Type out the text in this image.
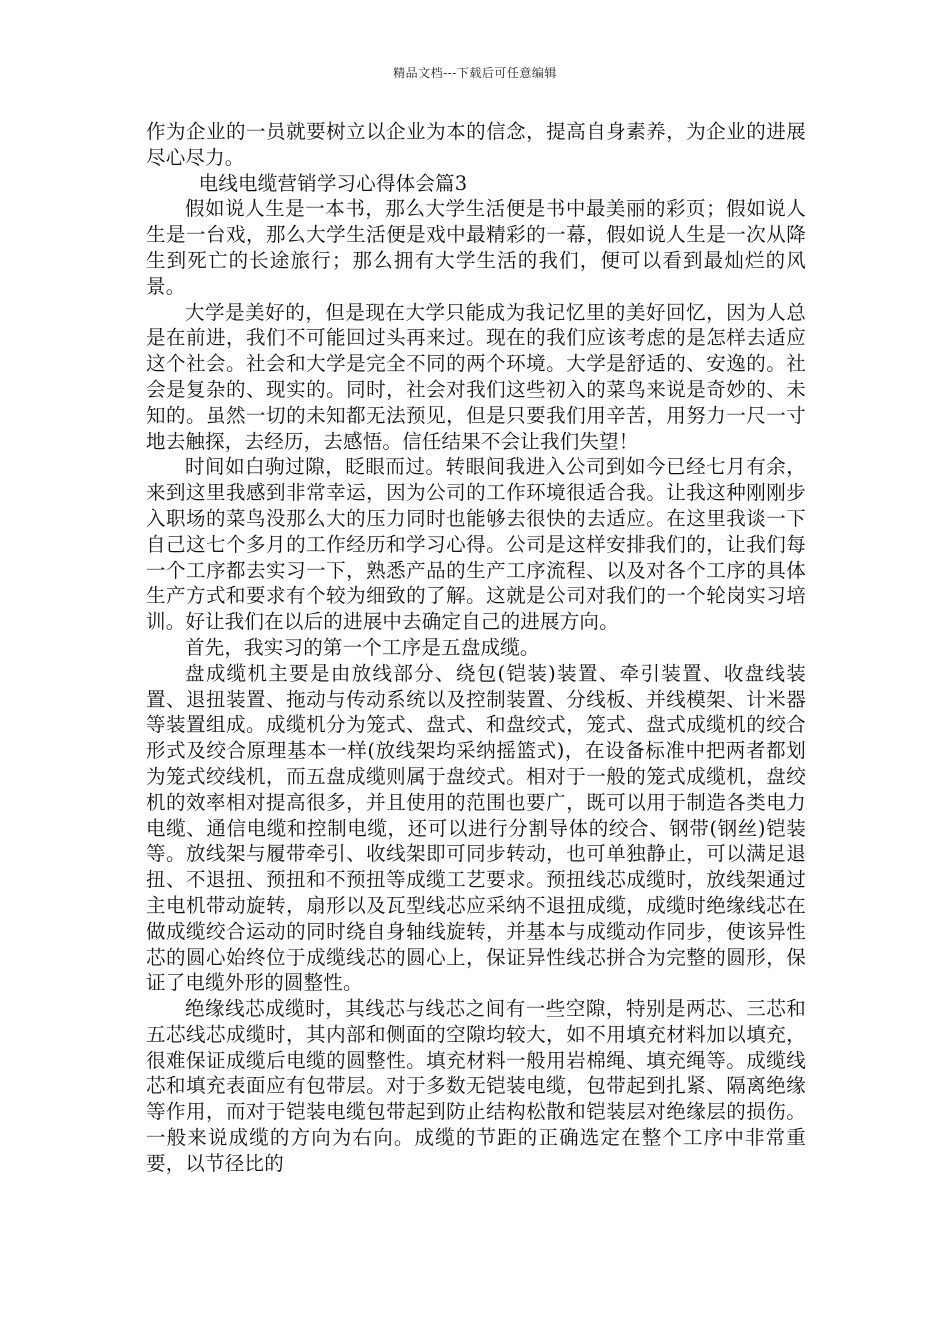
精品文档---下载后可任意编辑

作为企业的一员就要树立以企业为本的信念，提高自身素养，为企业的进展尽心尽力。

电线电缆营销学习心得体会篇3

假如说人生是一本书，那么大学生活便是书中最美丽的彩页；假如说人生是一台戏，那么大学生活便是戏中最精彩的一幕，假如说人生是一次从降生到死亡的长途旅行；那么拥有大学生活的我们，便可以看到最灿烂的风景。

大学是美好的，但是现在大学只能成为我记忆里的美好回忆，因为人总是在前进，我们不可能回过头再来过。现在的我们应该考虑的是怎样去适应这个社会。社会和大学是完全不同的两个环境。大学是舒适的、安逸的。社会是复杂的、现实的。同时，社会对我们这些初入的菜鸟来说是奇妙的、未知的。虽然一切的未知都无法预见，但是只要我们用辛苦，用努力一尺一寸地去触探，去经历，去感悟。信任结果不会让我们失望！

时间如白驹过隙，眨眼而过。转眼间我进入公司到如今已经七月有余，来到这里我感到非常幸运，因为公司的工作环境很适合我。让我这种刚刚步入职场的菜鸟没那么大的压力同时也能够去很快的去适应。在这里我谈一下自己这七个多月的工作经历和学习心得。公司是这样安排我们的，让我们每一个工序都去实习一下，熟悉产品的生产工序流程、以及对各个工序的具体生产方式和要求有个较为细致的了解。这就是公司对我们的一个轮岗实习培训。好让我们在以后的进展中去确定自己的进展方向。

首先，我实习的第一个工序是五盘成缆。

盘成缆机主要是由放线部分、绕包(铠装)装置、牵引装置、收盘线装置、退扭装置、拖动与传动系统以及控制装置、分线板、并线模架、计米器等装置组成。成缆机分为笼式、盘式、和盘绞式，笼式、盘式成缆机的绞合形式及绞合原理基本一样(放线架均采纳摇篮式)，在设备标准中把两者都划为笼式绞线机，而五盘成缆则属于盘绞式。相对于一般的笼式成缆机，盘绞机的效率相对提高很多，并且使用的范围也要广，既可以用于制造各类电力电缆、通信电缆和控制电缆，还可以进行分割导体的绞合、钢带(钢丝)铠装等。放线架与履带牵引、收线架即可同步转动，也可单独静止，可以满足退扭、不退扭、预扭和不预扭等成缆工艺要求。预扭线芯成缆时，放线架通过主电机带动旋转，扇形以及瓦型线芯应采纳不退扭成缆，成缆时绝缘线芯在做成缆绞合运动的同时绕自身轴线旋转，并基本与成缆动作同步，使该异性芯的圆心始终位于成缆线芯的圆心上，保证异性线芯拼合为完整的圆形，保证了电缆外形的圆整性。

绝缘线芯成缆时，其线芯与线芯之间有一些空隙，特别是两芯、三芯和五芯线芯成缆时，其内部和侧面的空隙均较大，如不用填充材料加以填充，很难保证成缆后电缆的圆整性。填充材料一般用岩棉绳、填充绳等。成缆线芯和填充表面应有包带层。对于多数无铠装电缆，包带起到扎紧、隔离绝缘等作用，而对于铠装电缆包带起到防止结构松散和铠装层对绝缘层的损伤。一般来说成缆的方向为右向。成缆的节距的正确选定在整个工序中非常重要，以节径比的
